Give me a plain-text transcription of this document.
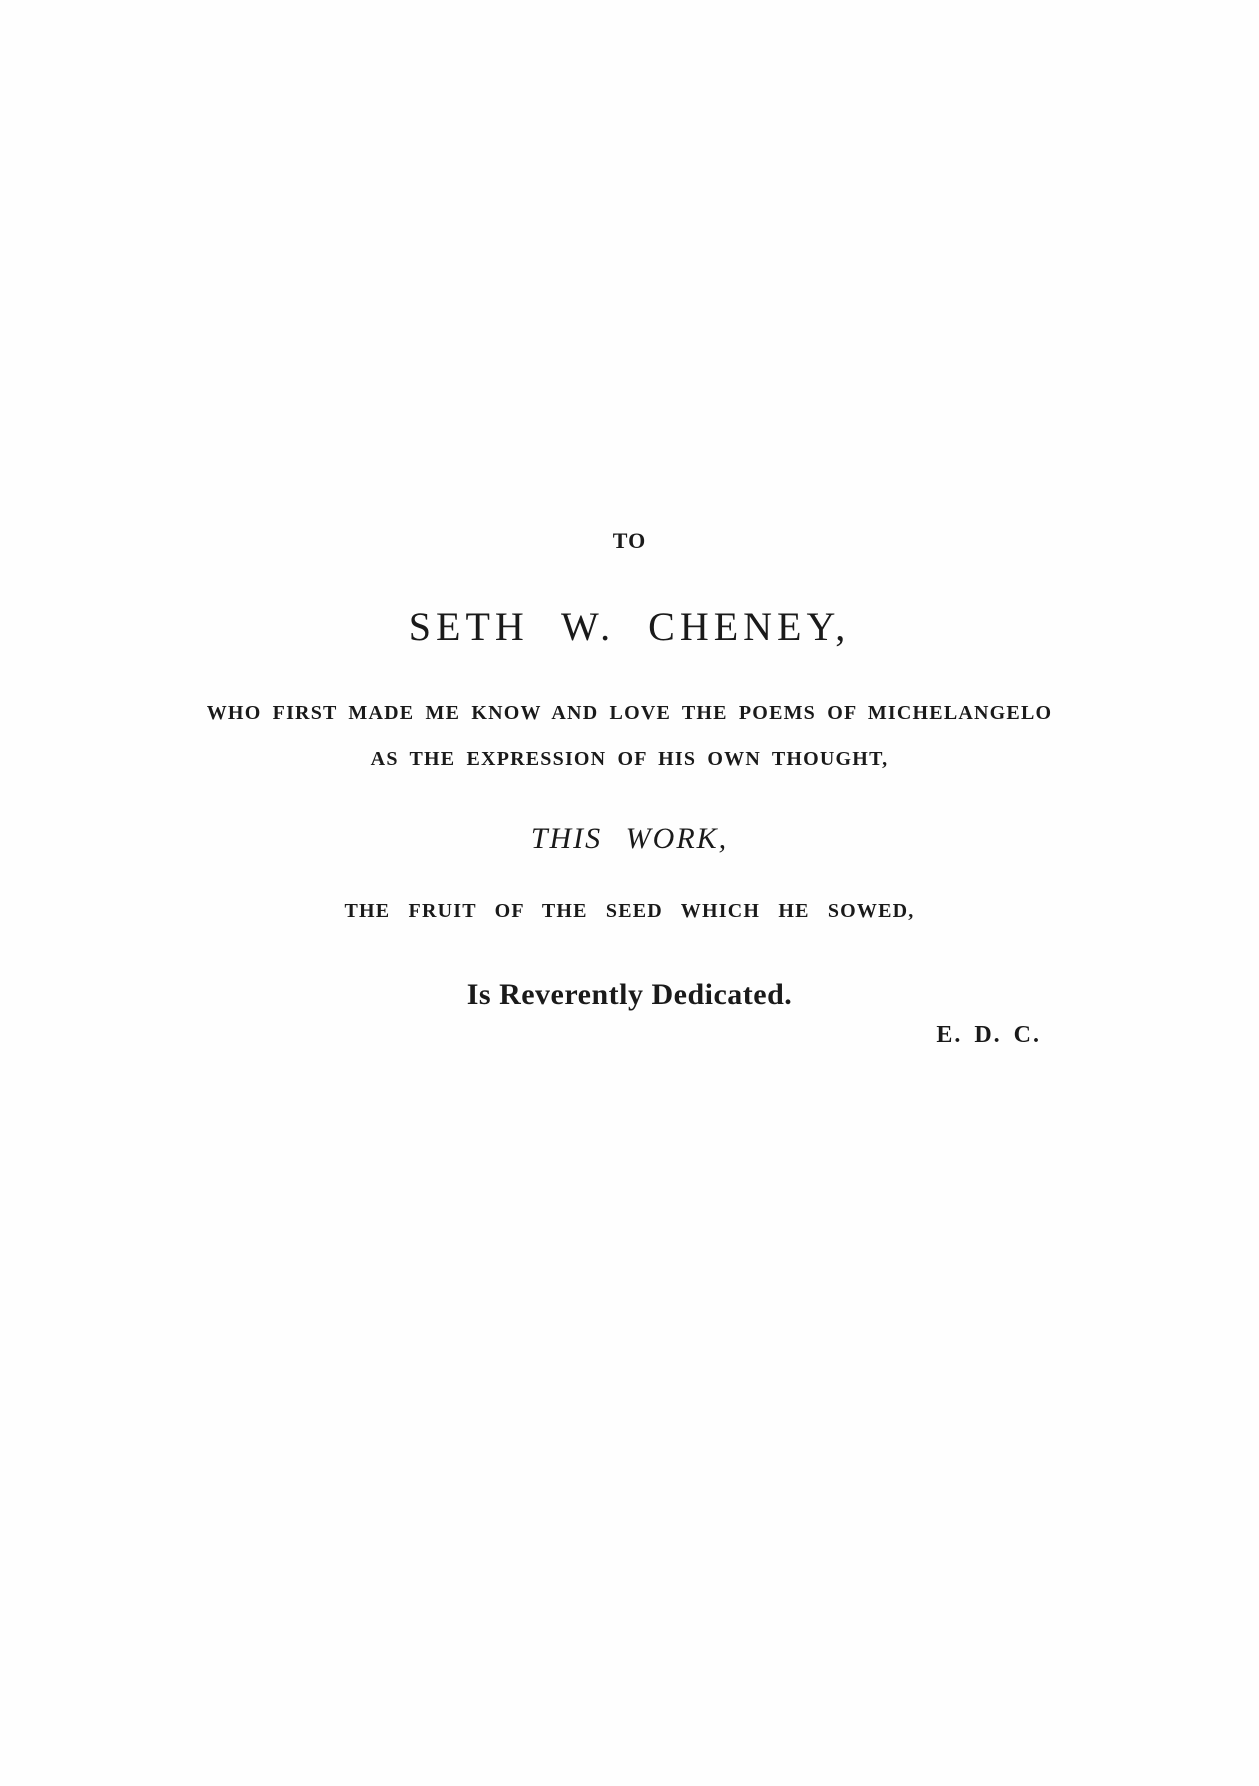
TO
SETH W. CHENEY,
WHO FIRST MADE ME KNOW AND LOVE THE POEMS OF MICHELANGELO
AS THE EXPRESSION OF HIS OWN THOUGHT,
THIS WORK,
THE FRUIT OF THE SEED WHICH HE SOWED,
Is Reverently Dedicated.
E. D. C.
